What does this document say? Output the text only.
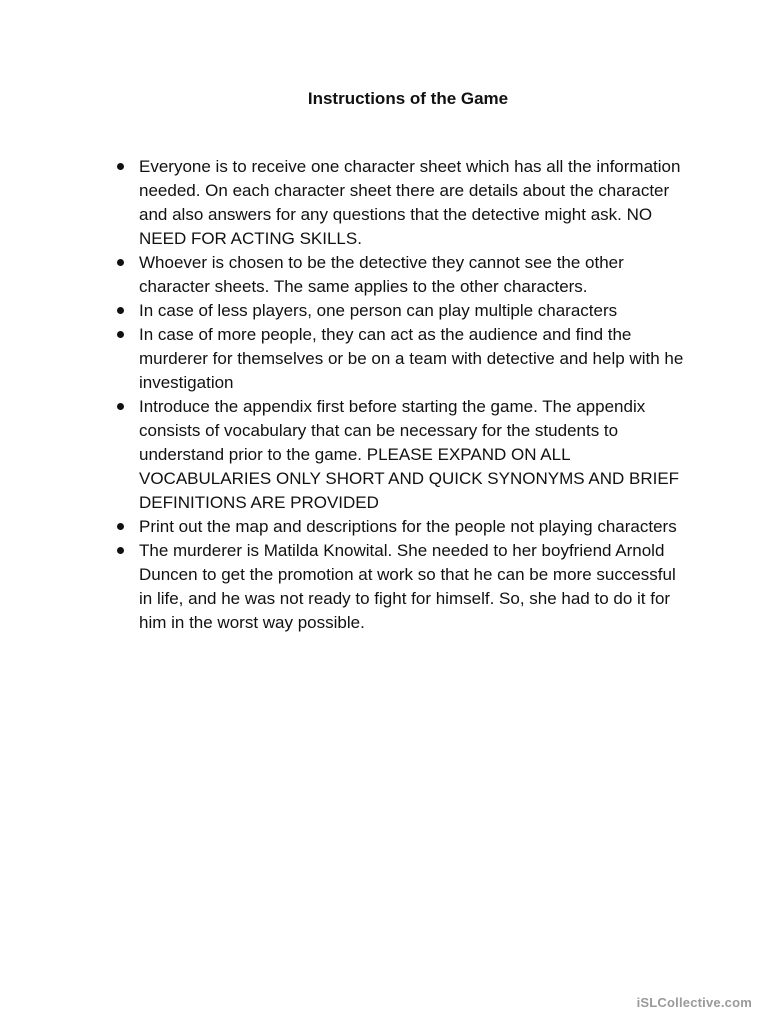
Instructions of the Game
Everyone is to receive one character sheet which has all the information needed. On each character sheet there are details about the character and also answers for any questions that the detective might ask. NO NEED FOR ACTING SKILLS.
Whoever is chosen to be the detective they cannot see the other character sheets. The same applies to the other characters.
In case of less players, one person can play multiple characters
In case of more people, they can act as the audience and find the murderer for themselves or be on a team with detective and help with he investigation
Introduce the appendix first before starting the game. The appendix consists of vocabulary that can be necessary for the students to understand prior to the game. PLEASE EXPAND ON ALL VOCABULARIES ONLY SHORT AND QUICK SYNONYMS AND BRIEF DEFINITIONS ARE PROVIDED
Print out the map and descriptions for the people not playing characters
The murderer is Matilda Knowital. She needed to her boyfriend Arnold Duncen to get the promotion at work so that he can be more successful in life, and he was not ready to fight for himself. So, she had to do it for him in the worst way possible.
iSLCollective.com
